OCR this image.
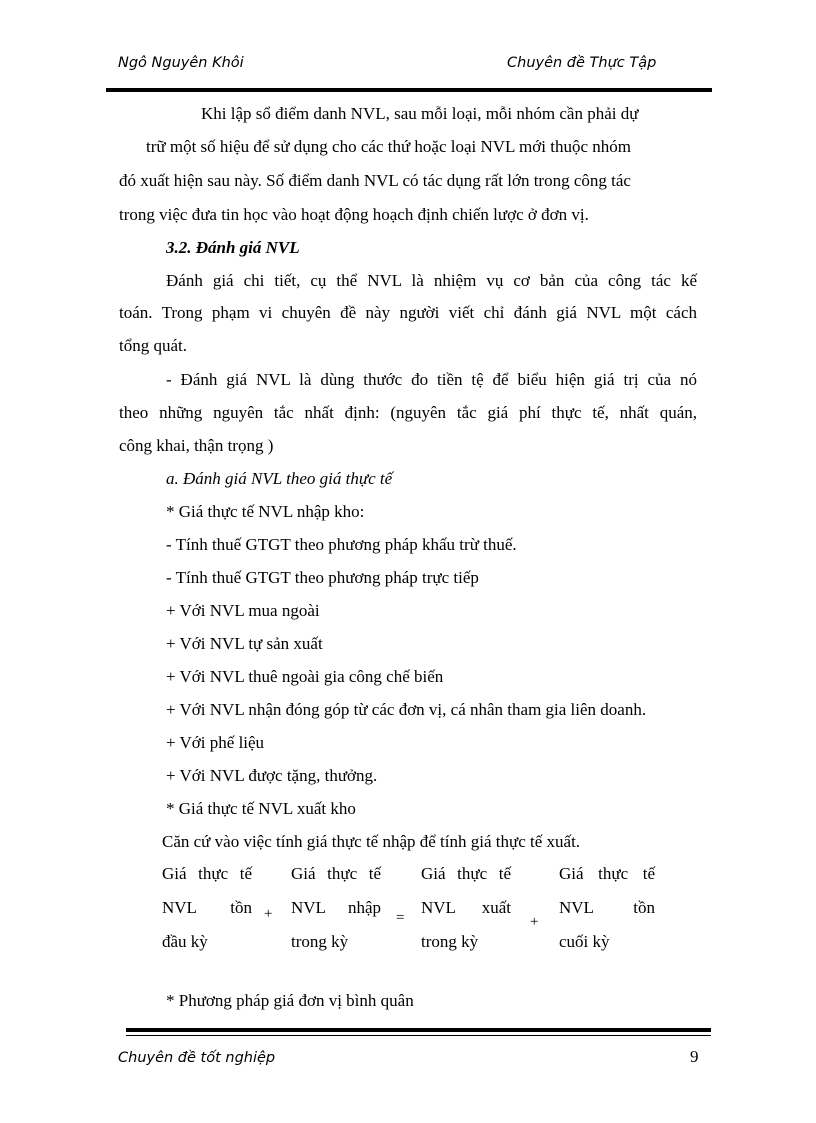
Ngô Nguyên Khôi	Chuyên đề Thực Tập
Khi lập sổ điểm danh NVL, sau mỗi loại, mỗi nhóm cần phải dự
trữ một số hiệu để sử dụng cho các thứ hoặc loại NVL mới thuộc nhóm
đó xuất hiện sau này. Số điểm danh NVL có tác dụng rất lớn trong công tác
trong việc đưa tin học vào hoạt động hoạch định chiến lược ở đơn vị.
3.2. Đánh giá NVL
Đánh giá chi tiết, cụ thể NVL là nhiệm vụ cơ bản của công tác kế
toán. Trong phạm vi chuyên đề này người viết chỉ đánh giá NVL một cách
tổng quát.
- Đánh giá NVL là dùng thước đo tiền tệ để biểu hiện giá trị của nó
theo những nguyên tắc nhất định: (nguyên tắc giá phí thực tế, nhất quán,
công khai, thận trọng )
a. Đánh giá NVL theo giá thực tế
* Giá thực tế NVL nhập kho:
- Tính thuế GTGT theo phương pháp khấu trừ thuế.
- Tính thuế GTGT theo phương pháp trực tiếp
+ Với NVL mua ngoài
+ Với NVL tự sản xuất
+ Với NVL thuê ngoài gia công chế biến
+ Với NVL nhận đóng góp từ các đơn vị, cá nhân tham gia liên doanh.
+ Với phế liệu
+ Với NVL được tặng, thưởng.
* Giá thực tế NVL xuất kho
Căn cứ vào việc tính giá thực tế nhập để tính giá thực tế xuất.
Giá thực tế
NVL tồn
đầu kỳ
+
Giá thực tế
NVL nhập
trong kỳ
=
Giá thực tế
NVL xuất
trong kỳ
+
Giá thực tế
NVL tồn
cuối kỳ
* Phương pháp giá đơn vị bình quân
Chuyên đề tốt nghiệp	9
